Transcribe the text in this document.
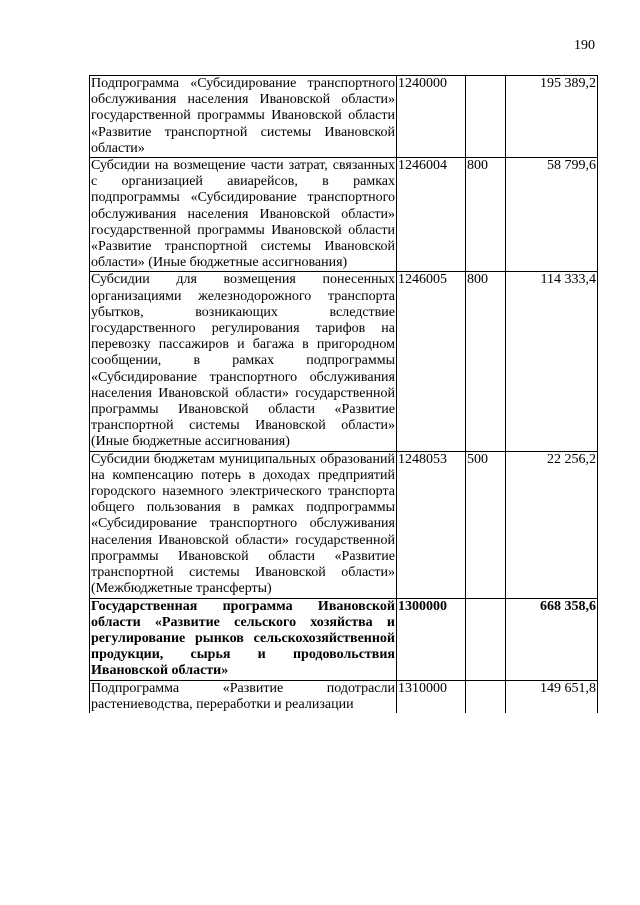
190
Подпрограмма «Субсидирование транспортного обслуживания населения Ивановской области» государственной программы Ивановской области «Развитие транспортной системы Ивановской области»	1240000		195 389,2
Субсидии на возмещение части затрат, связанных с организацией авиарейсов, в рамках подпрограммы «Субсидирование транспортного обслуживания населения Ивановской области» государственной программы Ивановской области «Развитие транспортной системы Ивановской области» (Иные бюджетные ассигнования)	1246004	800	58 799,6
Субсидии для возмещения понесенных организациями железнодорожного транспорта убытков, возникающих вследствие государственного регулирования тарифов на перевозку пассажиров и багажа в пригородном сообщении, в рамках подпрограммы «Субсидирование транспортного обслуживания населения Ивановской области» государственной программы Ивановской области «Развитие транспортной системы Ивановской области» (Иные бюджетные ассигнования)	1246005	800	114 333,4
Субсидии бюджетам муниципальных образований на компенсацию потерь в доходах предприятий городского наземного электрического транспорта общего пользования в рамках подпрограммы «Субсидирование транспортного обслуживания населения Ивановской области» государственной программы Ивановской области «Развитие транспортной системы Ивановской области» (Межбюджетные трансферты)	1248053	500	22 256,2
Государственная программа Ивановской области «Развитие сельского хозяйства и регулирование рынков сельскохозяйственной продукции, сырья и продовольствия Ивановской области»	1300000		668 358,6
Подпрограмма «Развитие подотрасли растениеводства, переработки и реализации	1310000		149 651,8
